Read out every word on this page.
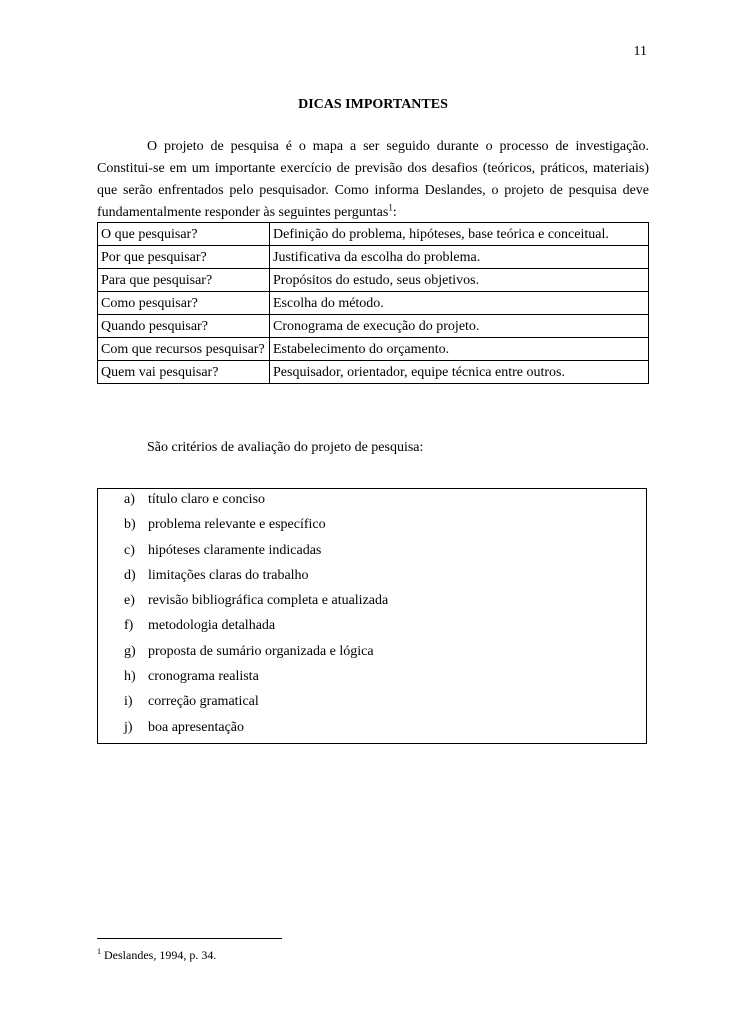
11
DICAS IMPORTANTES

O projeto de pesquisa é o mapa a ser seguido durante o processo de investigação. Constitui-se em um importante exercício de previsão dos desafios (teóricos, práticos, materiais) que serão enfrentados pelo pesquisador. Como informa Deslandes, o projeto de pesquisa deve fundamentalmente responder às seguintes perguntas$^1$:

O que pesquisar?	Definição do problema, hipóteses, base teórica e conceitual.
Por que pesquisar?	Justificativa da escolha do problema.
Para que pesquisar?	Propósitos do estudo, seus objetivos.
Como pesquisar?	Escolha do método.
Quando pesquisar?	Cronograma de execução do projeto.
Com que recursos pesquisar?	Estabelecimento do orçamento.
Quem vai pesquisar?	Pesquisador, orientador, equipe técnica entre outros.
São critérios de avaliação do projeto de pesquisa:
a) título claro e conciso
b) problema relevante e específico
c) hipóteses claramente indicadas
d) limitações claras do trabalho
e) revisão bibliográfica completa e atualizada
f)	metodologia detalhada
g) proposta de sumário organizada e lógica
h) cronograma realista
i)	correção gramatical
j)	boa apresentação
$^1$ Deslandes, 1994, p. 34.
